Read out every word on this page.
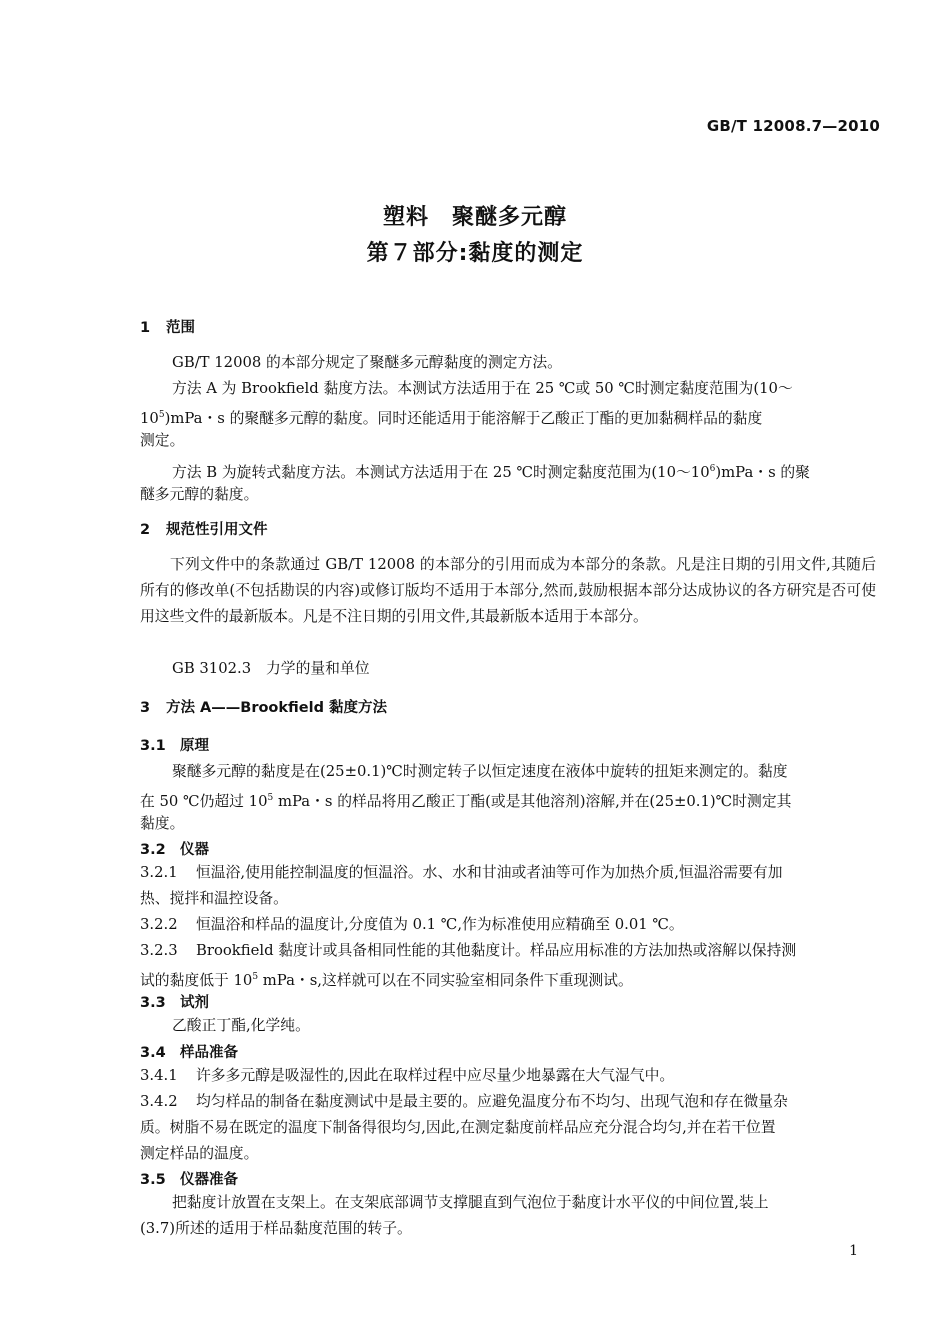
GB/T 12008.7—2010
塑料　聚醚多元醇
第７部分:黏度的测定
1 范围
GB/T 12008 的本部分规定了聚醚多元醇黏度的测定方法。
方法 A 为 Brookfield 黏度方法。本测试方法适用于在 25 ℃或 50 ℃时测定黏度范围为(10～
$10^5)mPa$・s 的聚醚多元醇的黏度。同时还能适用于能溶解于乙酸正丁酯的更加黏稠样品的黏度
测定。
方法 B 为旋转式黏度方法。本测试方法适用于在 25 ℃时测定黏度范围为$(10\sim 10^6)mPa$・s 的聚
醚多元醇的黏度。
2 规范性引用文件
下列文件中的条款通过 GB/T 12008 的本部分的引用而成为本部分的条款。凡是注日期的引用文件,其随后所有的修改单(不包括勘误的内容)或修订版均不适用于本部分,然而,鼓励根据本部分达成协议的各方研究是否可使用这些文件的最新版本。凡是不注日期的引用文件,其最新版本适用于本部分。
GB 3102.3　力学的量和单位
3 方法 A——Brookfield 黏度方法
3.1 原理
聚醚多元醇的黏度是在(25±0.1)℃时测定转子以恒定速度在液体中旋转的扭矩来测定的。黏度
在 50 ℃仍超过 $10^5$ mPa・s 的样品将用乙酸正丁酯(或是其他溶剂)溶解,并在(25±0.1)℃时测定其
黏度。
3.2 仪器
3.2.1 恒温浴,使用能控制温度的恒温浴。水、水和甘油或者油等可作为加热介质,恒温浴需要有加
热、搅拌和温控设备。
3.2.2 恒温浴和样品的温度计,分度值为 0.1 ℃,作为标准使用应精确至 0.01 ℃。
3.2.3 Brookfield 黏度计或具备相同性能的其他黏度计。样品应用标准的方法加热或溶解以保持测
试的黏度低于 $10^5$ mPa・s,这样就可以在不同实验室相同条件下重现测试。
3.3 试剂
乙酸正丁酯,化学纯。
3.4 样品准备
3.4.1 许多多元醇是吸湿性的,因此在取样过程中应尽量少地暴露在大气湿气中。
3.4.2 均匀样品的制备在黏度测试中是最主要的。应避免温度分布不均匀、出现气泡和存在微量杂
质。树脂不易在既定的温度下制备得很均匀,因此,在测定黏度前样品应充分混合均匀,并在若干位置
测定样品的温度。
3.5 仪器准备
把黏度计放置在支架上。在支架底部调节支撑腿直到气泡位于黏度计水平仪的中间位置,装上
(3.7)所述的适用于样品黏度范围的转子。
1
